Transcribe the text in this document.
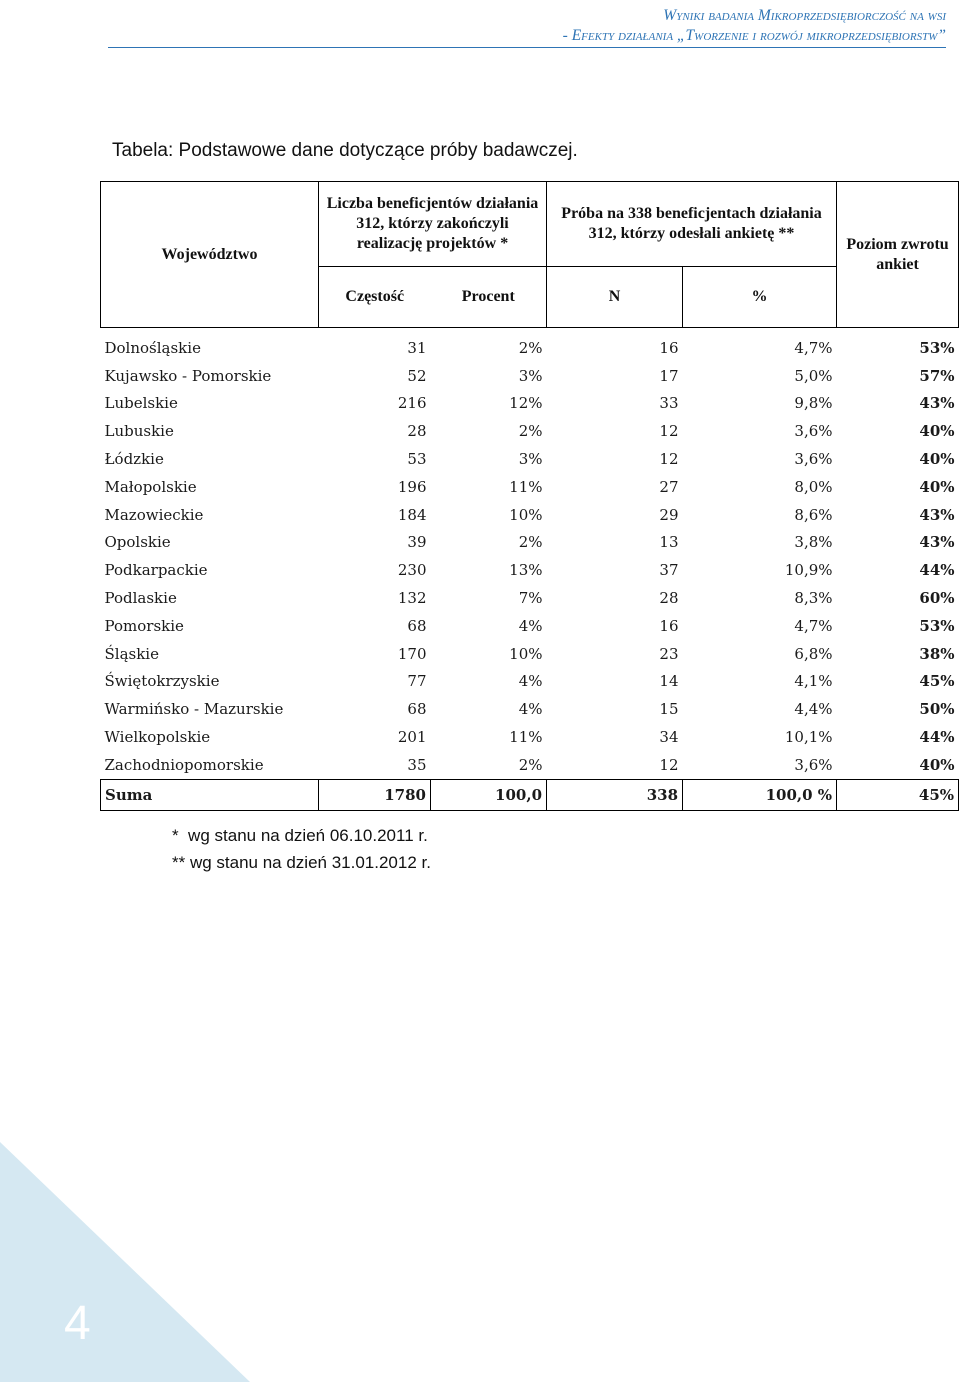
Wyniki badania Mikroprzedsiębiorczość na wsi
- Efekty działania „Tworzenie i rozwój mikroprzedsiębiorstw”
Tabela: Podstawowe dane dotyczące próby badawczej.
Województwo	Liczba beneficjentów działania 312, którzy zakończyli realizację projektów *		Próba na 338 beneficjentach działania 312, którzy odesłali ankietę **		Poziom zwrotu ankiet
	Częstość	Procent	N	%	
Dolnośląskie	31	2%	16	4,7%	53%
Kujawsko - Pomorskie	52	3%	17	5,0%	57%
Lubelskie	216	12%	33	9,8%	43%
Lubuskie	28	2%	12	3,6%	40%
Łódzkie	53	3%	12	3,6%	40%
Małopolskie	196	11%	27	8,0%	40%
Mazowieckie	184	10%	29	8,6%	43%
Opolskie	39	2%	13	3,8%	43%
Podkarpackie	230	13%	37	10,9%	44%
Podlaskie	132	7%	28	8,3%	60%
Pomorskie	68	4%	16	4,7%	53%
Śląskie	170	10%	23	6,8%	38%
Świętokrzyskie	77	4%	14	4,1%	45%
Warmińsko - Mazurskie	68	4%	15	4,4%	50%
Wielkopolskie	201	11%	34	10,1%	44%
Zachodniopomorskie	35	2%	12	3,6%	40%
Suma	1780	100,0	338	100,0 %	45%
*  wg stanu na dzień 06.10.2011 r.
** wg stanu na dzień 31.01.2012 r.
4
